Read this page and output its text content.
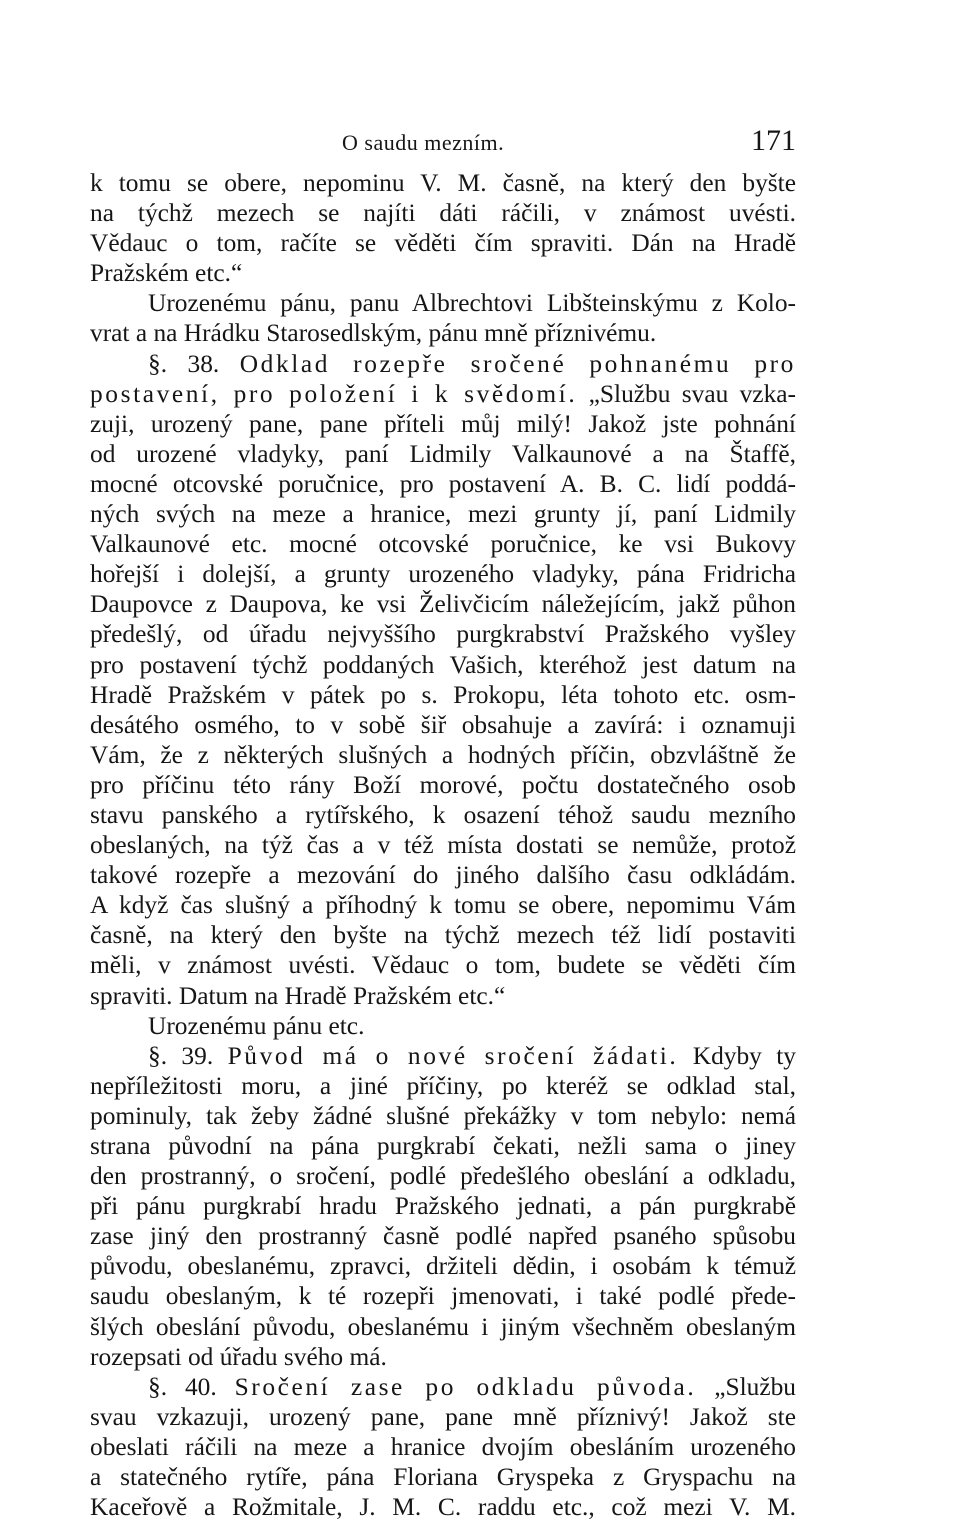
O saudu mezním.	171
k tomu se obere, nepominu V. M. časně, na který den byšte
na týchž mezech se najíti dáti ráčili, v známost uvésti.
Vědauc o tom, račíte se věděti čím spraviti. Dán na Hradě
Pražském etc.“
Urozenému pánu, panu Albrechtovi Libšteinskýmu z Kolo-
vrat a na Hrádku Starosedlským, pánu mně příznivému.
§. 38. Odklad rozepře sročené pohnanému pro
postavení, pro položení i k svědomí. „Službu svau vzka-
zuji, urozený pane, pane příteli můj milý! Jakož jste pohnání
od urozené vladyky, paní Lidmily Valkaunové a na Štaffě,
mocné otcovské poručnice, pro postavení A. B. C. lidí poddá-
ných svých na meze a hranice, mezi grunty jí, paní Lidmily
Valkaunové etc. mocné otcovské poručnice, ke vsi Bukovy
hořejší i dolejší, a grunty urozeného vladyky, pána Fridricha
Daupovce z Daupova, ke vsi Želivčicím náležejícím, jakž půhon
předešlý, od úřadu nejvyššího purgkrabství Pražského vyšley
pro postavení týchž poddaných Vašich, kteréhož jest datum na
Hradě Pražském v pátek po s. Prokopu, léta tohoto etc. osm-
desátého osmého, to v sobě šiř obsahuje a zavírá: i oznamuji
Vám, že z některých slušných a hodných příčin, obzvláštně že
pro příčinu této rány Boží morové, počtu dostatečného osob
stavu panského a rytířského, k osazení téhož saudu mezního
obeslaných, na týž čas a v též místa dostati se nemůže, protož
takové rozepře a mezování do jiného dalšího času odkládám.
A když čas slušný a příhodný k tomu se obere, nepomimu Vám
časně, na který den byšte na týchž mezech též lidí postaviti
měli, v známost uvésti. Vědauc o tom, budete se věděti čím
spraviti. Datum na Hradě Pražském etc.“
Urozenému pánu etc.
§. 39. Původ má o nové sročení žádati. Kdyby ty
nepříležitosti moru, a jiné příčiny, po kteréž se odklad stal,
pominuly, tak žeby žádné slušné překážky v tom nebylo: nemá
strana původní na pána purgkrabí čekati, nežli sama o jiney
den prostranný, o sročení, podlé předešlého obeslání a odkladu,
při pánu purgkrabí hradu Pražského jednati, a pán purgkrabě
zase jiný den prostranný časně podlé napřed psaného spůsobu
původu, obeslanému, zpravci, držiteli dědin, i osobám k témuž
saudu obeslaným, k té rozepři jmenovati, i také podlé přede-
šlých obeslání původu, obeslanému i jiným všechněm obeslaným
rozepsati od úřadu svého má.
§. 40. Sročení zase po odkladu původa. „Službu
svau vzkazuji, urozený pane, pane mně příznivý! Jakož ste
obeslati ráčili na meze a hranice dvojím obesláním urozeného
a statečného rytíře, pána Floriana Gryspeka z Gryspachu na
Kaceřově a Rožmitale, J. M. C. raddu etc., což mezi V. M.
